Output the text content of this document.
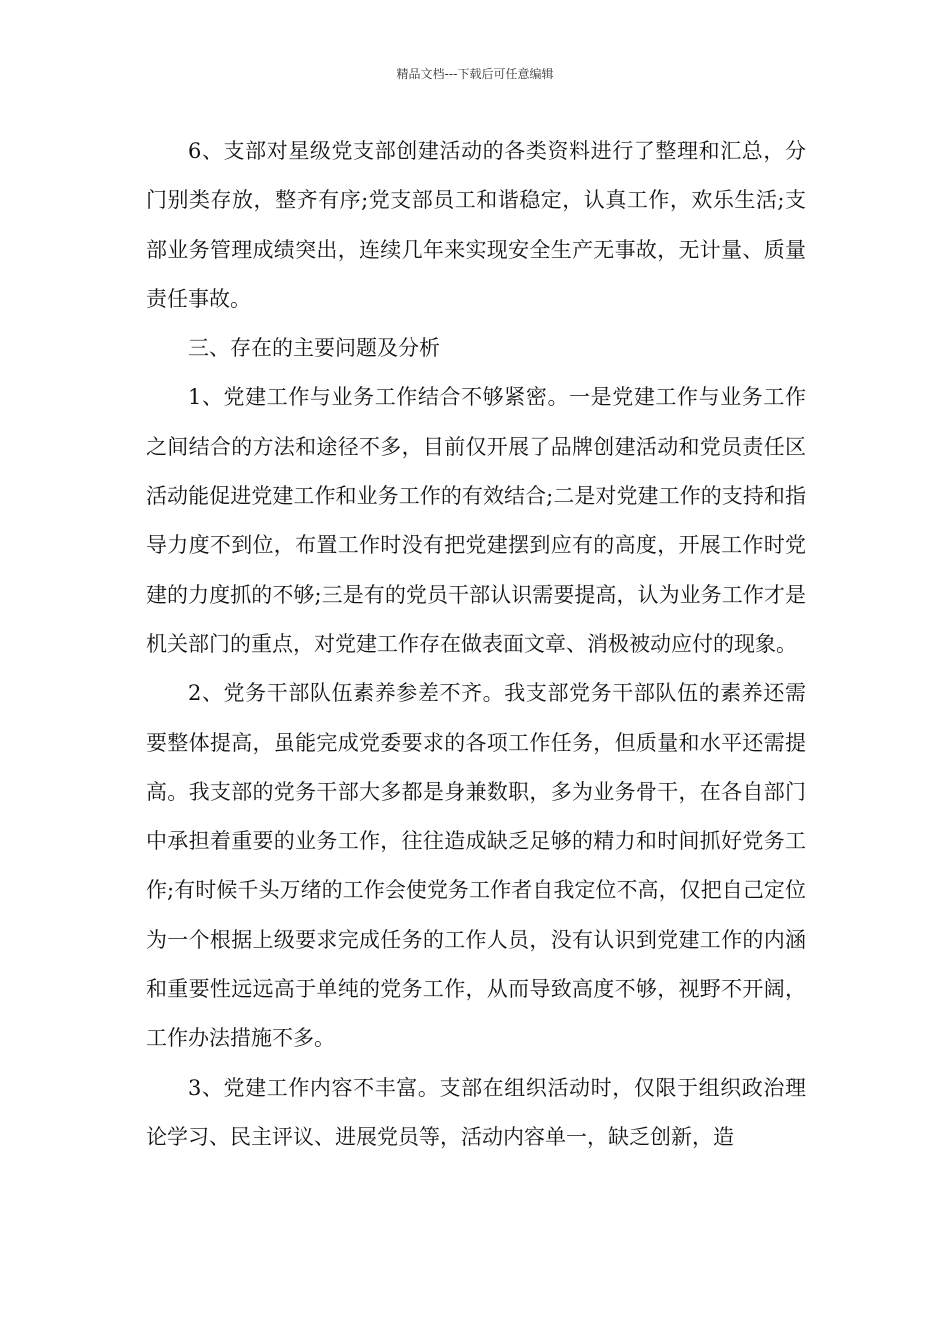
精品文档---下载后可任意编辑

6、支部对星级党支部创建活动的各类资料进行了整理和汇总，分门别类存放，整齐有序;党支部员工和谐稳定，认真工作，欢乐生活;支部业务管理成绩突出，连续几年来实现安全生产无事故，无计量、质量责任事故。

三、存在的主要问题及分析

1、党建工作与业务工作结合不够紧密。一是党建工作与业务工作之间结合的方法和途径不多，目前仅开展了品牌创建活动和党员责任区活动能促进党建工作和业务工作的有效结合;二是对党建工作的支持和指导力度不到位，布置工作时没有把党建摆到应有的高度，开展工作时党建的力度抓的不够;三是有的党员干部认识需要提高，认为业务工作才是机关部门的重点，对党建工作存在做表面文章、消极被动应付的现象。

2、党务干部队伍素养参差不齐。我支部党务干部队伍的素养还需要整体提高，虽能完成党委要求的各项工作任务，但质量和水平还需提高。我支部的党务干部大多都是身兼数职，多为业务骨干，在各自部门中承担着重要的业务工作，往往造成缺乏足够的精力和时间抓好党务工作;有时候千头万绪的工作会使党务工作者自我定位不高，仅把自己定位为一个根据上级要求完成任务的工作人员，没有认识到党建工作的内涵和重要性远远高于单纯的党务工作，从而导致高度不够，视野不开阔，工作办法措施不多。

3、党建工作内容不丰富。支部在组织活动时，仅限于组织政治理论学习、民主评议、进展党员等，活动内容单一，缺乏创新，造
